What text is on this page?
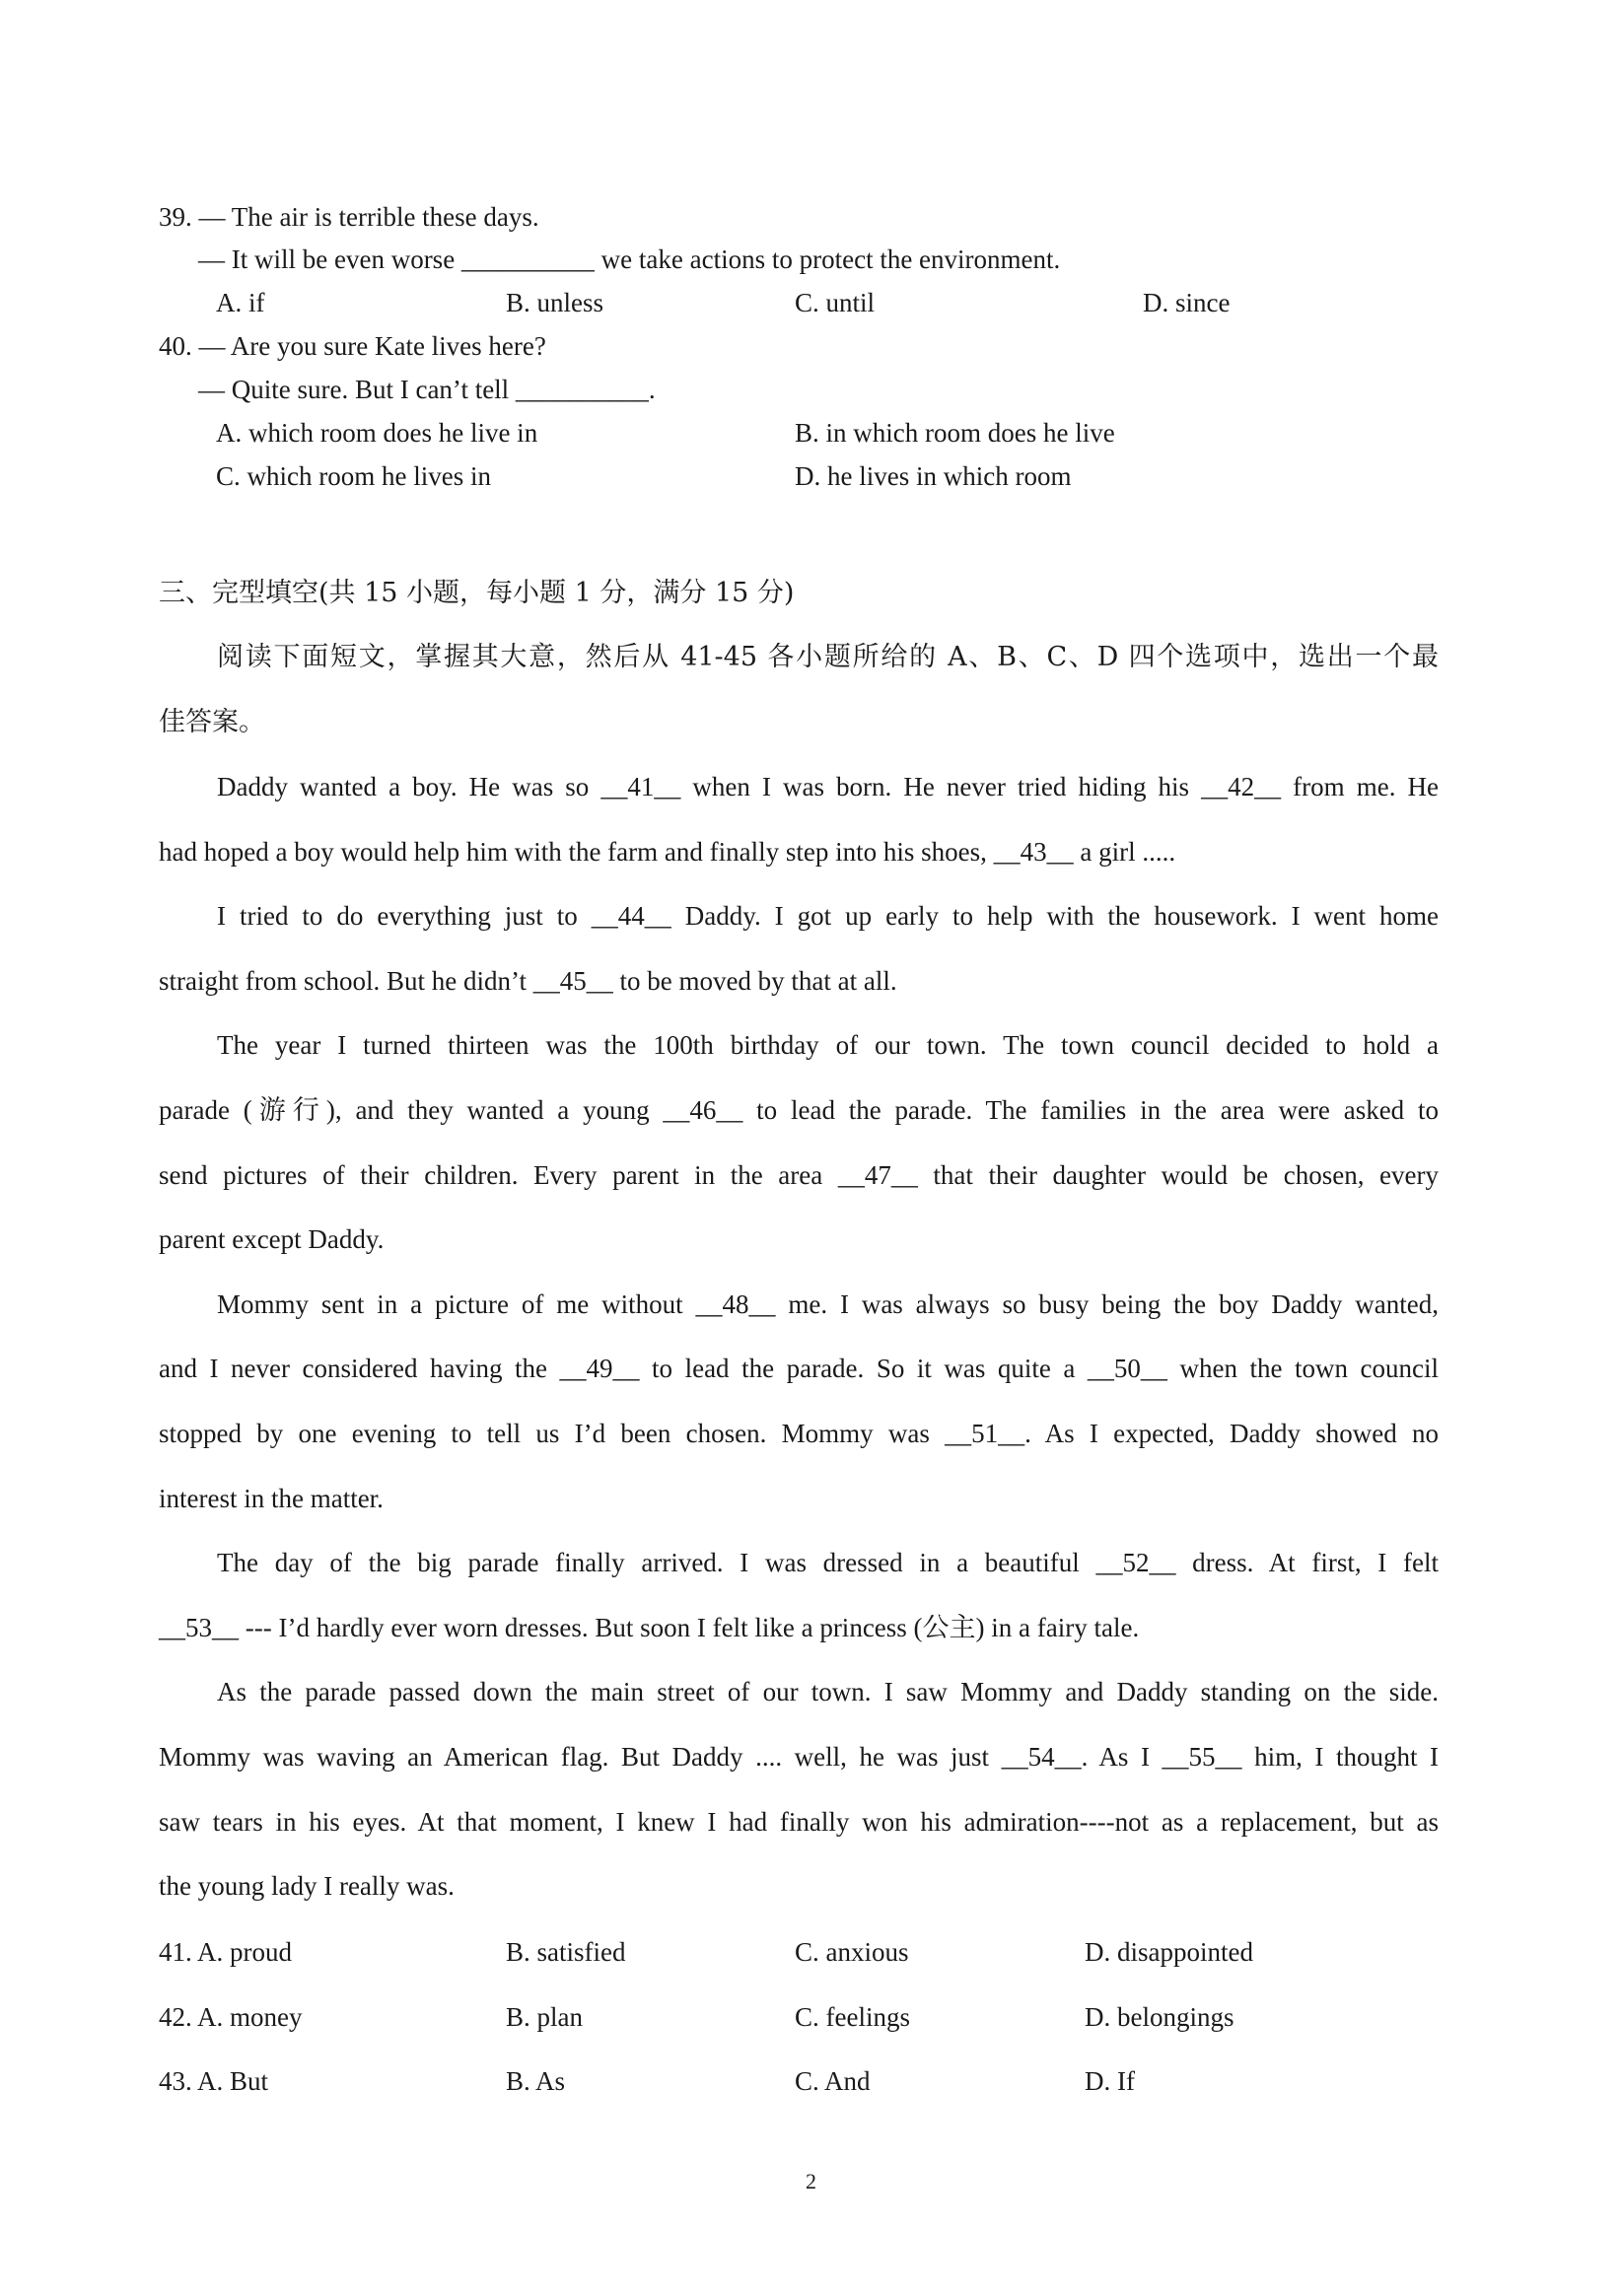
39. — The air is terrible these days.
— It will be even worse __________ we take actions to protect the environment.
A. if	B. unless	C. until	D. since
40. — Are you sure Kate lives here?
— Quite sure. But I can’t tell __________.
A. which room does he live in	B. in which room does he live
C. which room he lives in	D. he lives in which room
三、完型填空(共 15 小题，每小题 1 分，满分 15 分)
阅读下面短文，掌握其大意，然后从 41-45 各小题所给的 A、B、C、D 四个选项中，选出一个最
佳答案。
Daddy wanted a boy. He was so __41__ when I was born. He never tried hiding his __42__ from me. He
had hoped a boy would help him with the farm and finally step into his shoes, __43__ a girl .....
I tried to do everything just to __44__ Daddy. I got up early to help with the housework. I went home
straight from school. But he didn’t __45__ to be moved by that at all.
The year I turned thirteen was the 100th birthday of our town. The town council decided to hold a
parade (游行), and they wanted a young __46__ to lead the parade. The families in the area were asked to
send pictures of their children. Every parent in the area __47__ that their daughter would be chosen, every
parent except Daddy.
Mommy sent in a picture of me without __48__ me. I was always so busy being the boy Daddy wanted,
and I never considered having the __49__ to lead the parade. So it was quite a __50__ when the town council
stopped by one evening to tell us I’d been chosen. Mommy was __51__. As I expected, Daddy showed no
interest in the matter.
The day of the big parade finally arrived. I was dressed in a beautiful __52__ dress. At first, I felt
__53__ --- I’d hardly ever worn dresses. But soon I felt like a princess (公主) in a fairy tale.
As the parade passed down the main street of our town. I saw Mommy and Daddy standing on the side.
Mommy was waving an American flag. But Daddy .... well, he was just __54__. As I __55__ him, I thought I
saw tears in his eyes. At that moment, I knew I had finally won his admiration----not as a replacement, but as
the young lady I really was.
41. A. proud	B. satisfied	C. anxious	D. disappointed
42. A. money	B. plan	C. feelings	D. belongings
43. A. But	B. As	C. And	D. If
2
